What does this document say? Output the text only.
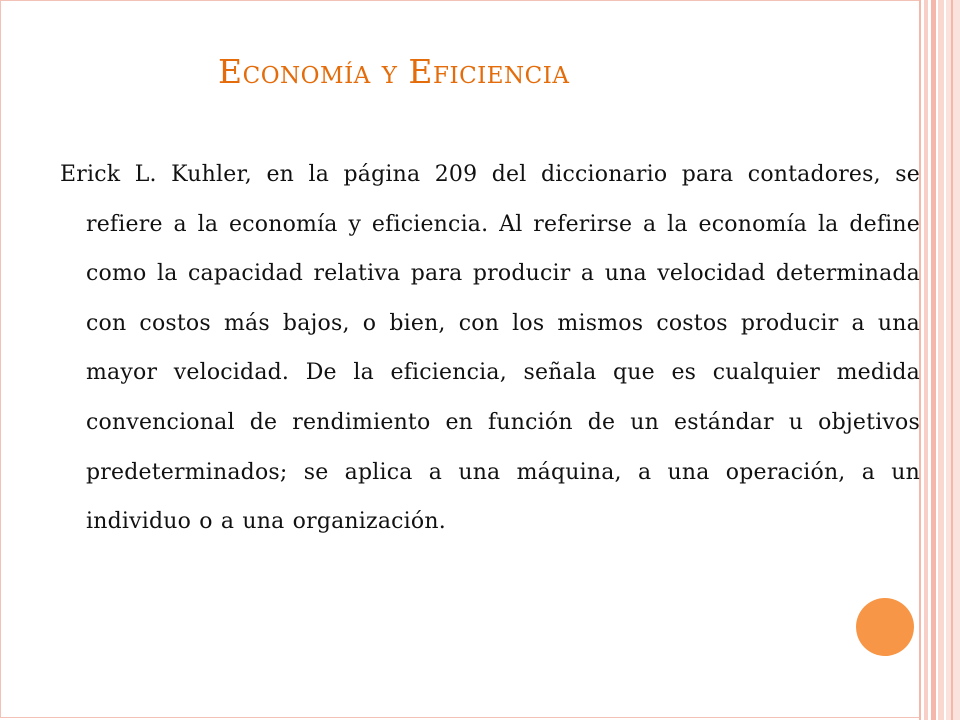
Economía y Eficiencia

Erick L. Kuhler, en la página 209 del diccionario para contadores, se refiere a la economía y eficiencia. Al referirse a la economía la define como la capacidad relativa para producir a una velocidad determinada con costos más bajos, o bien, con los mismos costos producir a una mayor velocidad. De la eficiencia, señala que es cualquier medida convencional de rendimiento en función de un estándar u objetivos predeterminados; se aplica a una máquina, a una operación, a un individuo o a una organización.
